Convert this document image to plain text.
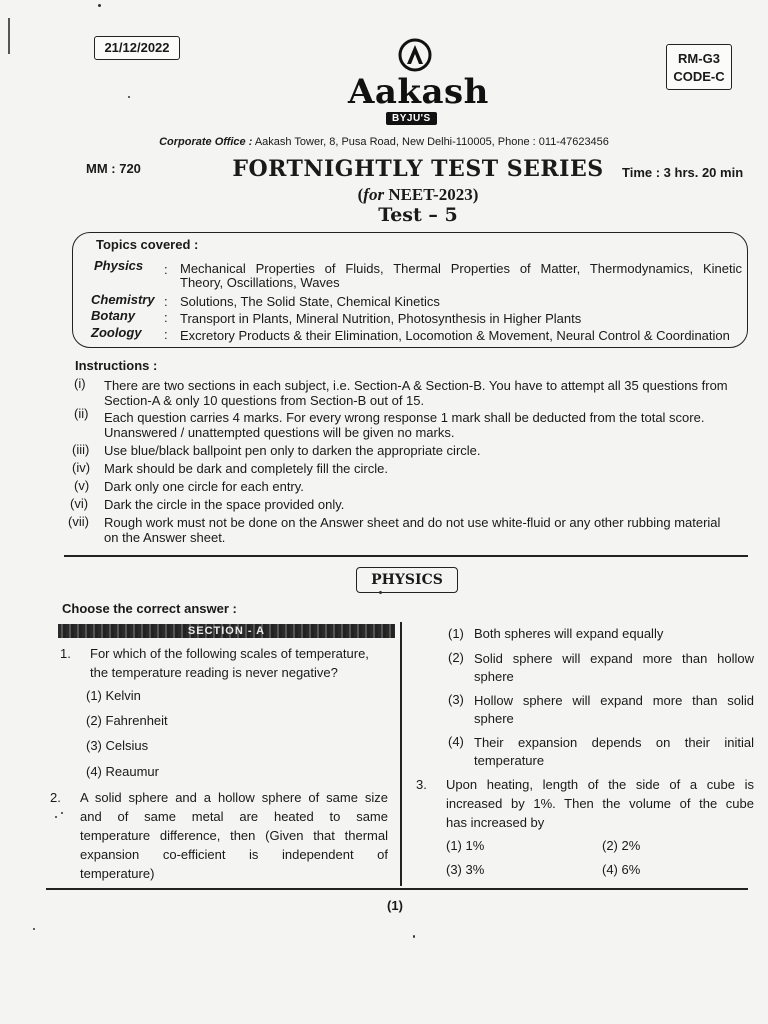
21/12/2022
RM-G3
CODE-C
Aakash
BYJU'S
Corporate Office : Aakash Tower, 8, Pusa Road, New Delhi-110005, Phone : 011-47623456
MM : 720	FORTNIGHTLY TEST SERIES	Time : 3 hrs. 20 min
(for NEET-2023)
Test – 5
Topics covered :
Physics : Mechanical Properties of Fluids, Thermal Properties of Matter, Thermodynamics, Kinetic
Theory, Oscillations, Waves
Chemistry : Solutions, The Solid State, Chemical Kinetics
Botany : Transport in Plants, Mineral Nutrition, Photosynthesis in Higher Plants
Zoology : Excretory Products & their Elimination, Locomotion & Movement, Neural Control & Coordination
Instructions :
(i)	There are two sections in each subject, i.e. Section-A & Section-B. You have to attempt all 35 questions from
Section-A & only 10 questions from Section-B out of 15.
(ii)	Each question carries 4 marks. For every wrong response 1 mark shall be deducted from the total score.
Unanswered / unattempted questions will be given no marks.
(iii)	Use blue/black ballpoint pen only to darken the appropriate circle.
(iv)	Mark should be dark and completely fill the circle.
(v)	Dark only one circle for each entry.
(vi)	Dark the circle in the space provided only.
(vii)	Rough work must not be done on the Answer sheet and do not use white-fluid or any other rubbing material
on the Answer sheet.
PHYSICS
Choose the correct answer :
SECTION - A
1. For which of the following scales of temperature,
the temperature reading is never negative?
(1) Kelvin
(2) Fahrenheit
(3) Celsius
(4) Reaumur
2. A solid sphere and a hollow sphere of same size
and of same metal are heated to same
temperature difference, then (Given that thermal
expansion co-efficient is independent of
temperature)
(1) Both spheres will expand equally
(2) Solid sphere will expand more than hollow
sphere
(3) Hollow sphere will expand more than solid
sphere
(4) Their expansion depends on their initial
temperature
3. Upon heating, length of the side of a cube is
increased by 1%. Then the volume of the cube
has increased by
(1) 1%	(2) 2%
(3) 3%	(4) 6%
(1)
